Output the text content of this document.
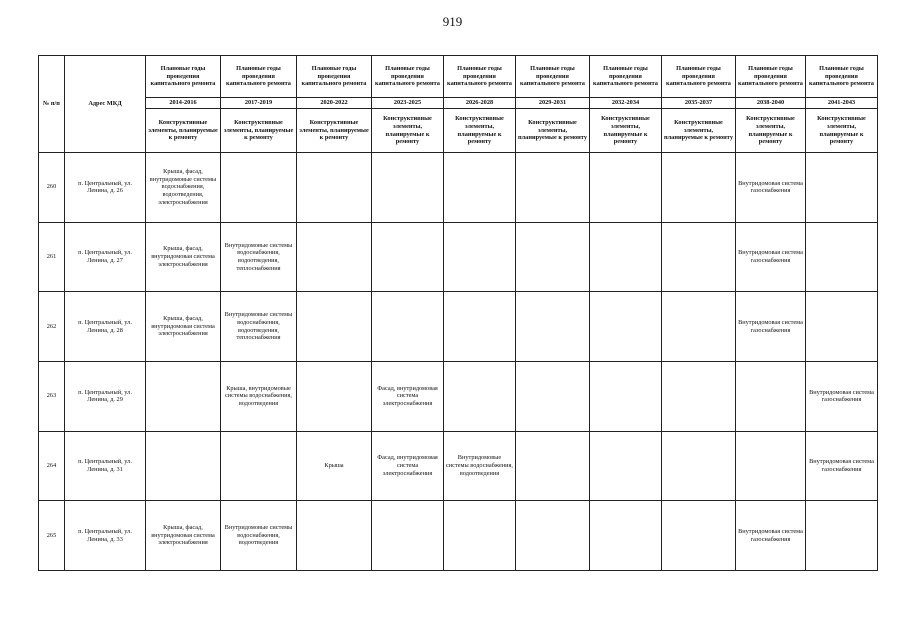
919
№ п/п	Адрес МКД	Плановые годы проведения капитального ремонта	Плановые годы проведения капитального ремонта	Плановые годы проведения капитального ремонта	Плановые годы проведения капитального ремонта	Плановые годы проведения капитального ремонта	Плановые годы проведения капитального ремонта	Плановые годы проведения капитального ремонта	Плановые годы проведения капитального ремонта	Плановые годы проведения капитального ремонта	Плановые годы проведения капитального ремонта
		2014-2016	2017-2019	2020-2022	2023-2025	2026-2028	2029-2031	2032-2034	2035-2037	2038-2040	2041-2043
		Конструктивные элементы, планируемые к ремонту	Конструктивные элементы, планируемые к ремонту	Конструктивные элементы, планируемые к ремонту	Конструктивные элементы, планируемые к ремонту	Конструктивные элементы, планируемые к ремонту	Конструктивные элементы, планируемые к ремонту	Конструктивные элементы, планируемые к ремонту	Конструктивные элементы, планируемые к ремонту	Конструктивные элементы, планируемые к ремонту	Конструктивные элементы, планируемые к ремонту
260	п. Центральный, ул. Ленина, д. 26	Крыша, фасад, внутридомовые системы водоснабжения, водоотведения, электроснабжения								Внутридомовая система газоснабжения	
261	п. Центральный, ул. Ленина, д. 27	Крыша, фасад, внутридомовая система электроснабжения	Внутридомовые системы водоснабжения, водоотведения, теплоснабжения							Внутридомовая система газоснабжения	
262	п. Центральный, ул. Ленина, д. 28	Крыша, фасад, внутридомовая система электроснабжения	Внутридомовые системы водоснабжения, водоотведения, теплоснабжения							Внутридомовая система газоснабжения	
263	п. Центральный, ул. Ленина, д. 29		Крыша, внутридомовые системы водоснабжения, водоотведения		Фасад, внутридомовая система электроснабжения						Внутридомовая система газоснабжения
264	п. Центральный, ул. Ленина, д. 31			Крыша	Фасад, внутридомовая система электроснабжения	Внутридомовые системы водоснабжения, водоотведения					Внутридомовая система газоснабжения
265	п. Центральный, ул. Ленина, д. 33	Крыша, фасад, внутридомовая система электроснабжения	Внутридомовые системы водоснабжения, водоотведения							Внутридомовая система газоснабжения	
